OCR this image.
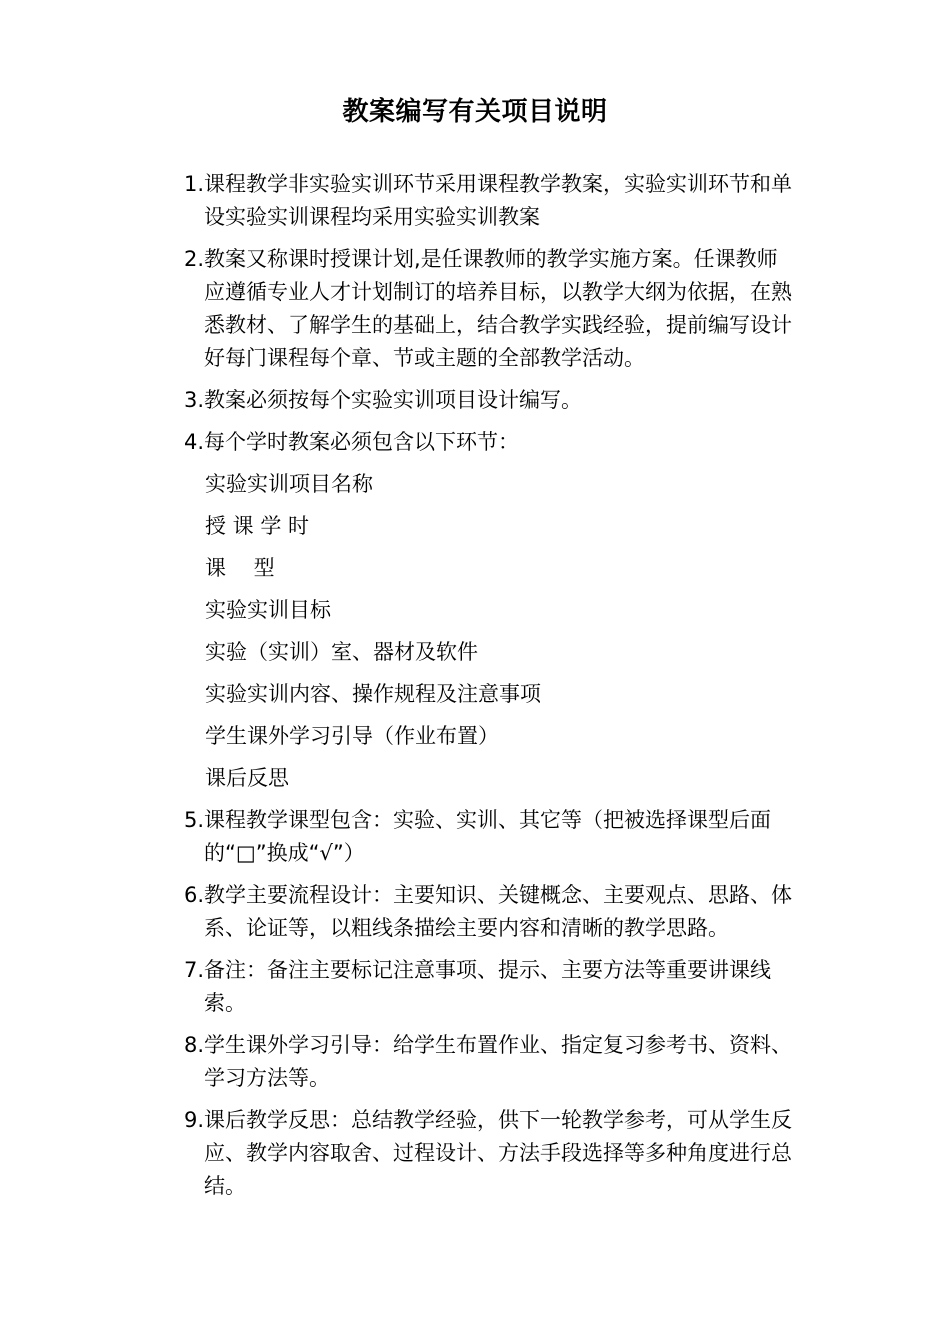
教案编写有关项目说明
1. 课程教学非实验实训环节采用课程教学教案，实验实训环节和单设实验实训课程均采用实验实训教案
2. 教案又称课时授课计划,是任课教师的教学实施方案。任课教师应遵循专业人才计划制订的培养目标，以教学大纲为依据，在熟悉教材、了解学生的基础上，结合教学实践经验，提前编写设计好每门课程每个章、节或主题的全部教学活动。
3. 教案必须按每个实验实训项目设计编写。
4. 每个学时教案必须包含以下环节：
实验实训项目名称
授 课 学 时
课　 型
实验实训目标
实验（实训）室、器材及软件
实验实训内容、操作规程及注意事项
学生课外学习引导（作业布置）
课后反思
5. 课程教学课型包含：实验、实训、其它等（把被选择课型后面的“□”换成“√”）
6. 教学主要流程设计：主要知识、关键概念、主要观点、思路、体系、论证等，以粗线条描绘主要内容和清晰的教学思路。
7. 备注：备注主要标记注意事项、提示、主要方法等重要讲课线索。
8. 学生课外学习引导：给学生布置作业、指定复习参考书、资料、学习方法等。
9. 课后教学反思：总结教学经验，供下一轮教学参考，可从学生反应、教学内容取舍、过程设计、方法手段选择等多种角度进行总结。
